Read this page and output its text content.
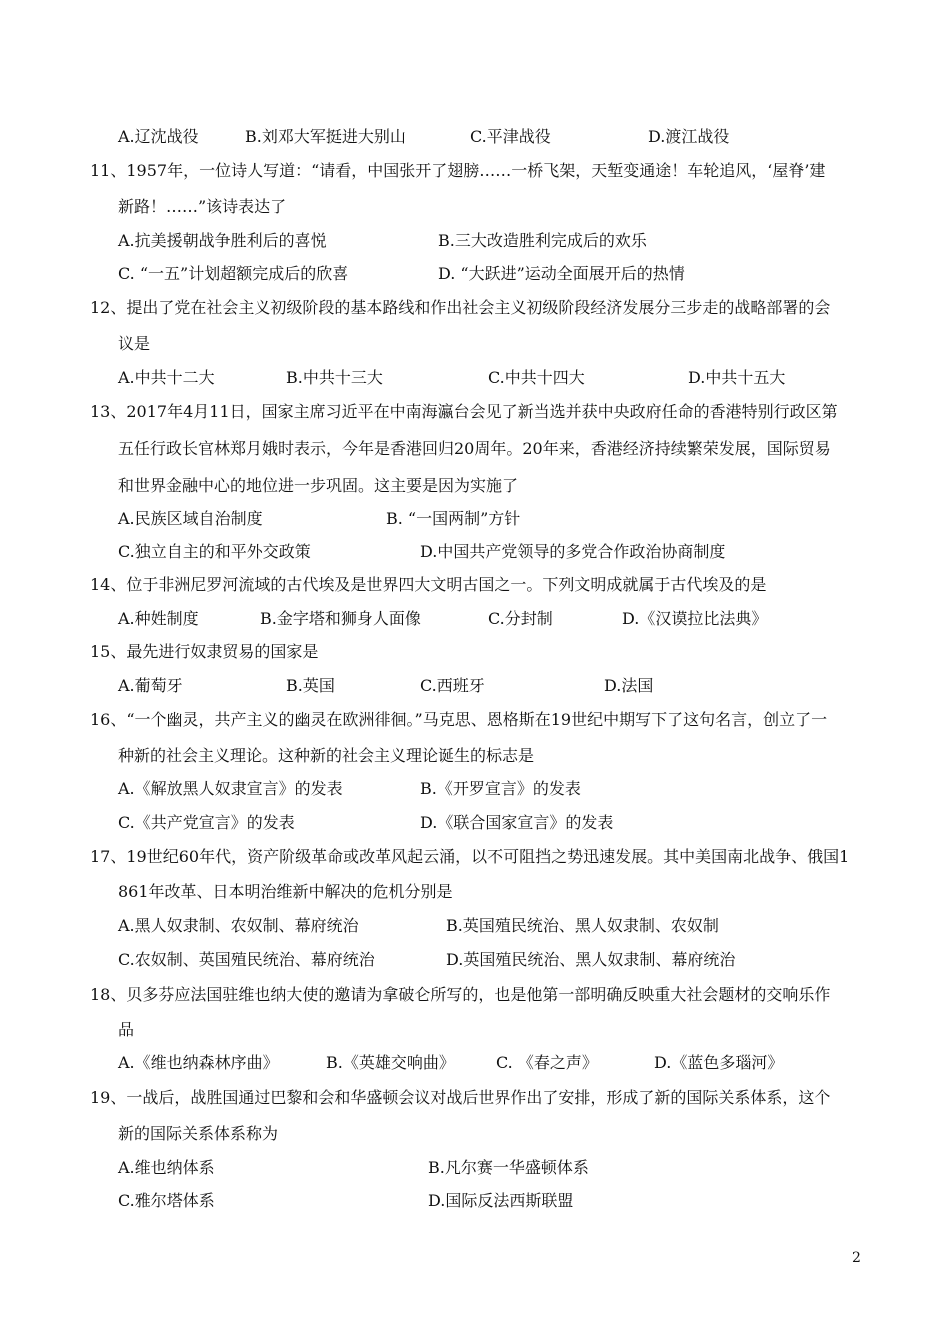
A.辽沈战役	B.刘邓大军挺进大别山	C.平津战役	D.渡江战役
11、1957年，一位诗人写道：“请看，中国张开了翅膀……一桥飞架，天堑变通途！车轮追风，‘屋脊’建
新路！……”该诗表达了
A.抗美援朝战争胜利后的喜悦	B.三大改造胜利完成后的欢乐
C. “一五”计划超额完成后的欣喜	D. “大跃进”运动全面展开后的热情
12、提出了党在社会主义初级阶段的基本路线和作出社会主义初级阶段经济发展分三步走的战略部署的会
议是
A.中共十二大	B.中共十三大	C.中共十四大	D.中共十五大
13、2017年4月11日，国家主席习近平在中南海瀛台会见了新当选并获中央政府任命的香港特别行政区第
五任行政长官林郑月娥时表示，今年是香港回归20周年。20年来，香港经济持续繁荣发展，国际贸易
和世界金融中心的地位进一步巩固。这主要是因为实施了
A.民族区域自治制度	B. “一国两制”方针
C.独立自主的和平外交政策	D.中国共产党领导的多党合作政治协商制度
14、位于非洲尼罗河流域的古代埃及是世界四大文明古国之一。下列文明成就属于古代埃及的是
A.种姓制度	B.金字塔和狮身人面像	C.分封制	D.《汉谟拉比法典》
15、最先进行奴隶贸易的国家是
A.葡萄牙	B.英国	C.西班牙	D.法国
16、“一个幽灵，共产主义的幽灵在欧洲徘徊。”马克思、恩格斯在19世纪中期写下了这句名言，创立了一
种新的社会主义理论。这种新的社会主义理论诞生的标志是
A.《解放黑人奴隶宣言》的发表	B.《开罗宣言》的发表
C.《共产党宣言》的发表	D.《联合国家宣言》的发表
17、19世纪60年代，资产阶级革命或改革风起云涌，以不可阻挡之势迅速发展。其中美国南北战争、俄国1
861年改革、日本明治维新中解决的危机分别是
A.黑人奴隶制、农奴制、幕府统治	B.英国殖民统治、黑人奴隶制、农奴制
C.农奴制、英国殖民统治、幕府统治	D.英国殖民统治、黑人奴隶制、幕府统治
18、贝多芬应法国驻维也纳大使的邀请为拿破仑所写的，也是他第一部明确反映重大社会题材的交响乐作
品
A.《维也纳森林序曲》	B.《英雄交响曲》	C. 《春之声》	D.《蓝色多瑙河》
19、一战后，战胜国通过巴黎和会和华盛顿会议对战后世界作出了安排，形成了新的国际关系体系，这个
新的国际关系体系称为
A.维也纳体系	B.凡尔赛一华盛顿体系
C.雅尔塔体系	D.国际反法西斯联盟
2
